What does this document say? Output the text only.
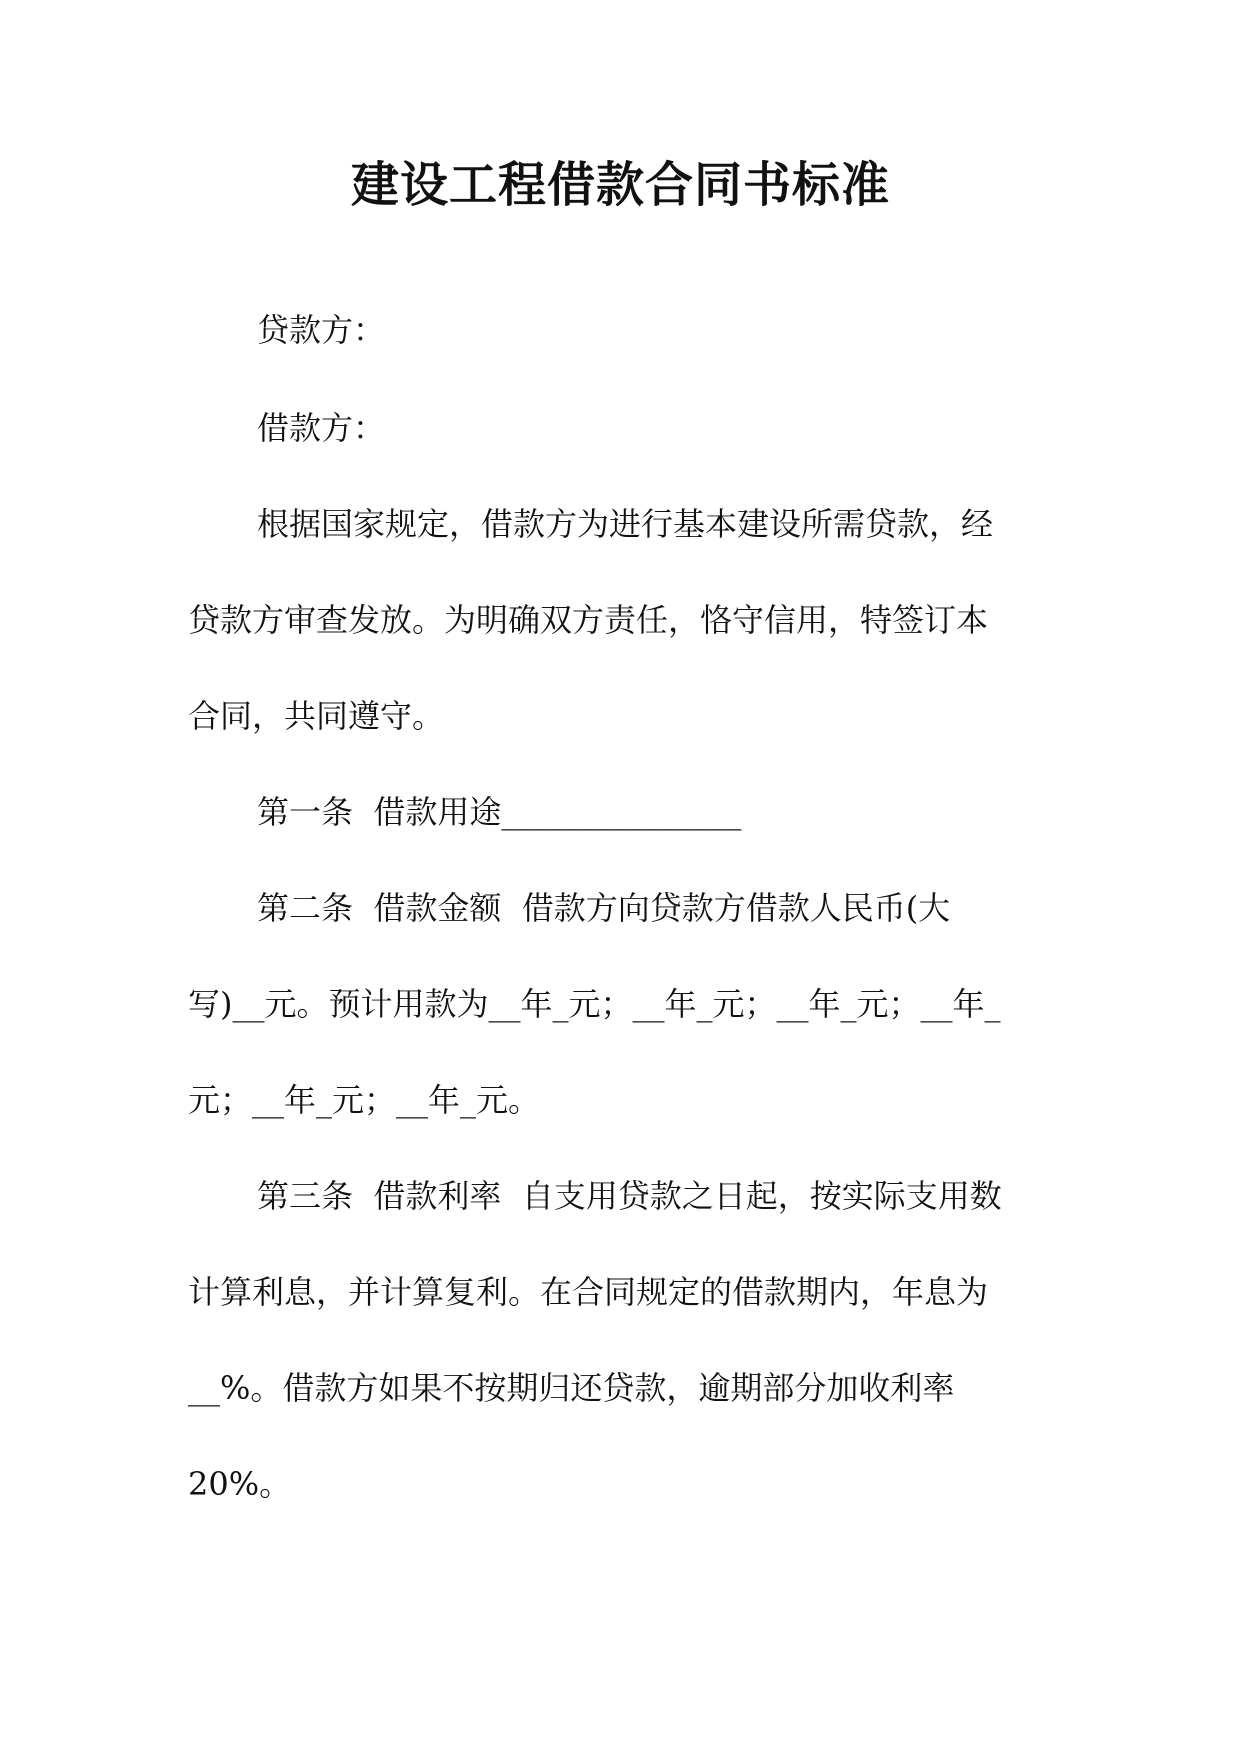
建设工程借款合同书标准

贷款方：

借款方：

根据国家规定，借款方为进行基本建设所需贷款，经

贷款方审查发放。为明确双方责任，恪守信用，特签订本

合同，共同遵守。

第一条  借款用途_______________

第二条  借款金额  借款方向贷款方借款人民币(大

写)__元。预计用款为__年_元；__年_元；__年_元；__年_

元；__年_元；__年_元。

第三条  借款利率  自支用贷款之日起，按实际支用数

计算利息，并计算复利。在合同规定的借款期内，年息为

__%。借款方如果不按期归还贷款，逾期部分加收利率

20%。
